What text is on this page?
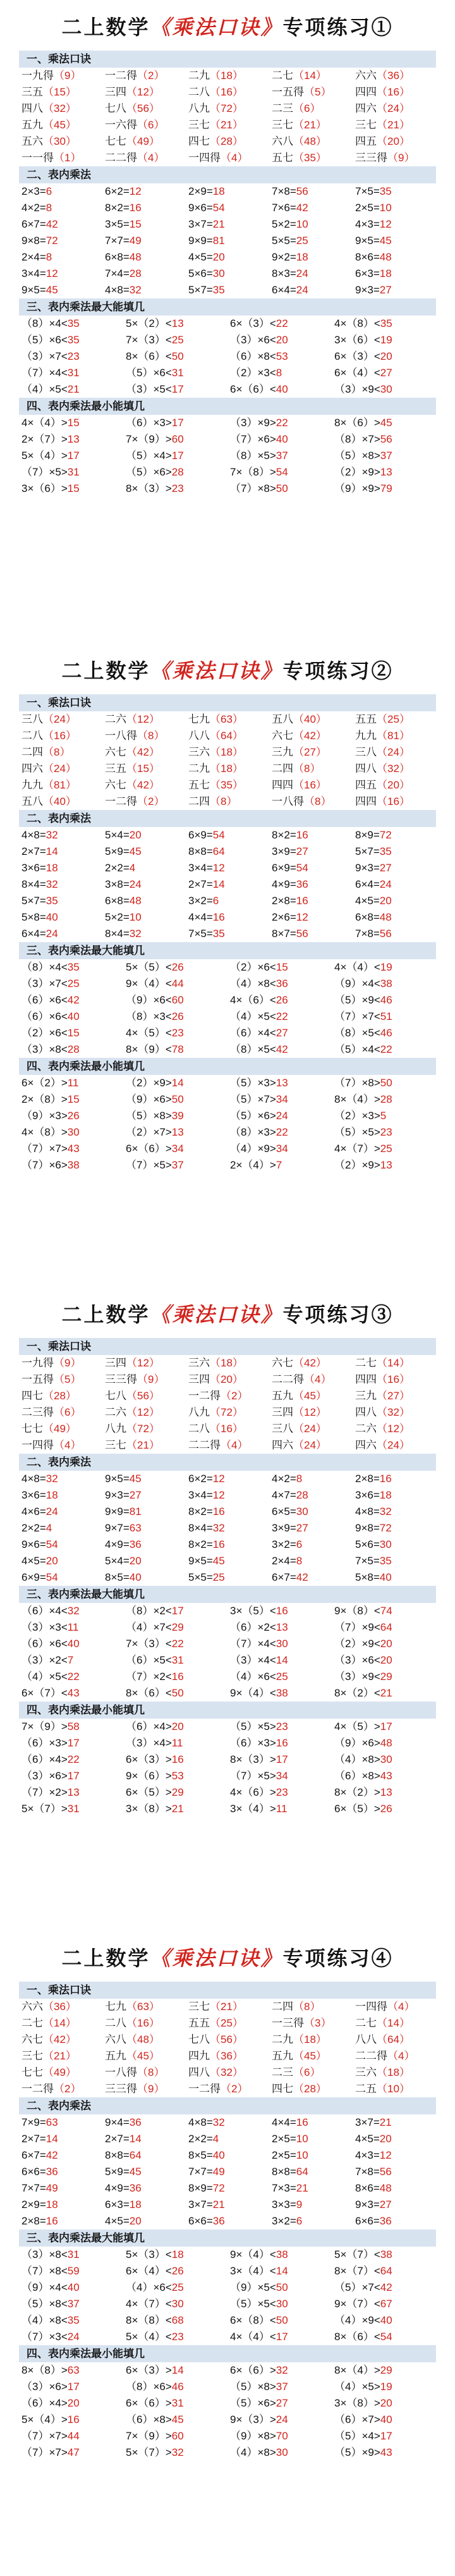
二上数学《乘法口诀》专项练习①
一、乘法口诀
一九得（9）	一二得（2）	二九（18）	二七（14）	六六（36）
三五（15）	三四（12）	二八（16）	一五得（5）	四四（16）
四八（32）	七八（56）	八九（72）	二三（6）	四六（24）
五九（45）	一六得（6）	三七（21）	三七（21）	三七（21）
五六（30）	七七（49）	四七（28）	六八（48）	四五（20）
一一得（1）	二二得（4）	一四得（4）	五七（35）	三三得（9）
二、表内乘法
2×3=6	6×2=12	2×9=18	7×8=56	7×5=35
4×2=8	8×2=16	9×6=54	7×6=42	2×5=10
6×7=42	3×5=15	3×7=21	5×2=10	4×3=12
9×8=72	7×7=49	9×9=81	5×5=25	9×5=45
2×4=8	6×8=48	4×5=20	9×2=18	8×6=48
3×4=12	7×4=28	5×6=30	8×3=24	6×3=18
9×5=45	4×8=32	5×7=35	6×4=24	9×3=27
三、表内乘法最大能填几
（8）×4<35	5×（2）<13	6×（3）<22	4×（8）<35
（5）×6<35	7×（3）<25	（3）×6<20	3×（6）<19
（3）×7<23	8×（6）<50	（6）×8<53	6×（3）<20
（7）×4<31	（5）×6<31	（2）×3<8	6×（4）<27
（4）×5<21	（3）×5<17	6×（6）<40	（3）×9<30
四、表内乘法最小能填几
4×（4）>15	（6）×3>17	（3）×9>22	8×（6）>45
2×（7）>13	7×（9）>60	（7）×6>40	（8）×7>56
5×（4）>17	（5）×4>17	（8）×5>37	（5）×8>37
（7）×5>31	（5）×6>28	7×（8）>54	（2）×9>13
3×（6）>15	8×（3）>23	（7）×8>50	（9）×9>79
二上数学《乘法口诀》专项练习②
一、乘法口诀
三八（24）	二六（12）	七九（63）	五八（40）	五五（25）
二八（16）	一八得（8）	八八（64）	六七（42）	九九（81）
二四（8）	六七（42）	三六（18）	三九（27）	三八（24）
四六（24）	三五（15）	二九（18）	二四（8）	四八（32）
九九（81）	六七（42）	五七（35）	四四（16）	四五（20）
五八（40）	一二得（2）	二四（8）	一八得（8）	四四（16）
二、表内乘法
4×8=32	5×4=20	6×9=54	8×2=16	8×9=72
2×7=14	5×9=45	8×8=64	3×9=27	5×7=35
3×6=18	2×2=4	3×4=12	6×9=54	9×3=27
8×4=32	3×8=24	2×7=14	4×9=36	6×4=24
5×7=35	6×8=48	3×2=6	2×8=16	4×5=20
5×8=40	5×2=10	4×4=16	2×6=12	6×8=48
6×4=24	8×4=32	7×5=35	8×7=56	7×8=56
三、表内乘法最大能填几
（8）×4<35	5×（5）<26	（2）×6<15	4×（4）<19
（3）×7<25	9×（4）<44	（4）×8<36	（9）×4<38
（6）×6<42	（9）×6<60	4×（6）<26	（5）×9<46
（6）×6<40	（8）×3<26	（4）×5<22	（7）×7<51
（2）×6<15	4×（5）<23	（6）×4<27	（8）×5<46
（3）×8<28	8×（9）<78	（8）×5<42	（5）×4<22
四、表内乘法最小能填几
6×（2）>11	（2）×9>14	（5）×3>13	（7）×8>50
2×（8）>15	（9）×6>50	（5）×7>34	8×（4）>28
（9）×3>26	（5）×8>39	（5）×6>24	（2）×3>5
4×（8）>30	（2）×7>13	（8）×3>22	（5）×5>23
（7）×7>43	6×（6）>34	（4）×9>34	4×（7）>25
（7）×6>38	（7）×5>37	2×（4）>7	（2）×9>13
二上数学《乘法口诀》专项练习③
一、乘法口诀
一九得（9）	三四（12）	三六（18）	六七（42）	二七（14）
一五得（5）	三三得（9）	三四（20）	二二得（4）	四四（16）
四七（28）	七八（56）	一二得（2）	五九（45）	三九（27）
二三得（6）	二六（12）	八九（72）	三四（12）	四八（32）
七七（49）	八九（72）	二八（16）	三八（24）	二六（12）
一四得（4）	三七（21）	二二得（4）	四六（24）	四六（24）
二、表内乘法
4×8=32	9×5=45	6×2=12	4×2=8	2×8=16
3×6=18	9×3=27	3×4=12	4×7=28	3×6=18
4×6=24	9×9=81	8×2=16	6×5=30	4×8=32
2×2=4	9×7=63	8×4=32	3×9=27	9×8=72
9×6=54	4×9=36	8×2=16	3×2=6	5×6=30
4×5=20	5×4=20	9×5=45	2×4=8	7×5=35
6×9=54	8×5=40	5×5=25	6×7=42	5×8=40
三、表内乘法最大能填几
（6）×4<32	（8）×2<17	3×（5）<16	9×（8）<74
（3）×3<11	（4）×7<29	（6）×2<13	（7）×9<64
（6）×6<40	7×（3）<22	（7）×4<30	（2）×9<20
（3）×2<7	（6）×5<31	（3）×4<14	（3）×6<20
（4）×5<22	（7）×2<16	（4）×6<25	（3）×9<29
6×（7）<43	8×（6）<50	9×（4）<38	8×（2）<21
四、表内乘法最小能填几
7×（9）>58	（6）×4>20	（5）×5>23	4×（5）>17
（6）×3>17	（3）×4>11	（6）×3>16	（9）×6>48
（6）×4>22	6×（3）>16	8×（3）>17	（4）×8>30
（3）×6>17	9×（6）>53	（7）×5>34	（6）×8>43
（7）×2>13	6×（5）>29	4×（6）>23	8×（2）>13
5×（7）>31	3×（8）>21	3×（4）>11	6×（5）>26
二上数学《乘法口诀》专项练习④
一、乘法口诀
六六（36）	七九（63）	三七（21）	二四（8）	一四得（4）
二七（14）	二八（16）	五五（25）	一三得（3）	二七（14）
六七（42）	六八（48）	七八（56）	二九（18）	八八（64）
三七（21）	五九（45）	四九（36）	五九（45）	二二得（4）
七七（49）	一八得（8）	四八（32）	二三（6）	三六（18）
一二得（2）	三三得（9）	一二得（2）	四七（28）	二五（10）
二、表内乘法
7×9=63	9×4=36	4×8=32	4×4=16	3×7=21
2×7=14	2×7=14	2×2=4	2×5=10	4×5=20
6×7=42	8×8=64	8×5=40	2×5=10	4×3=12
6×6=36	5×9=45	7×7=49	8×8=64	7×8=56
7×7=49	4×9=36	8×9=72	7×3=21	8×6=48
2×9=18	6×3=18	3×7=21	3×3=9	9×3=27
2×8=16	4×5=20	6×6=36	3×2=6	6×6=36
三、表内乘法最大能填几
（3）×8<31	5×（3）<18	9×（4）<38	5×（7）<38
（7）×8<59	6×（4）<26	3×（4）<14	8×（7）<64
（9）×4<40	（4）×6<25	（9）×5<50	（5）×7<42
（5）×8<37	4×（7）<30	（5）×5<30	9×（7）<67
（4）×8<35	8×（8）<68	6×（8）<50	（4）×9<40
（7）×3<24	5×（4）<23	4×（4）<17	8×（6）<54
四、表内乘法最小能填几
8×（8）>63	6×（3）>14	6×（6）>32	8×（4）>29
（3）×6>17	（8）×6>46	（5）×8>37	（4）×5>19
（6）×4>20	6×（6）>31	（5）×6>27	3×（8）>20
5×（4）>16	（6）×8>45	9×（3）>24	（6）×7>40
（7）×7>44	7×（9）>60	（9）×8>70	（5）×4>17
（7）×7>47	5×（7）>32	（4）×8>30	（5）×9>43
